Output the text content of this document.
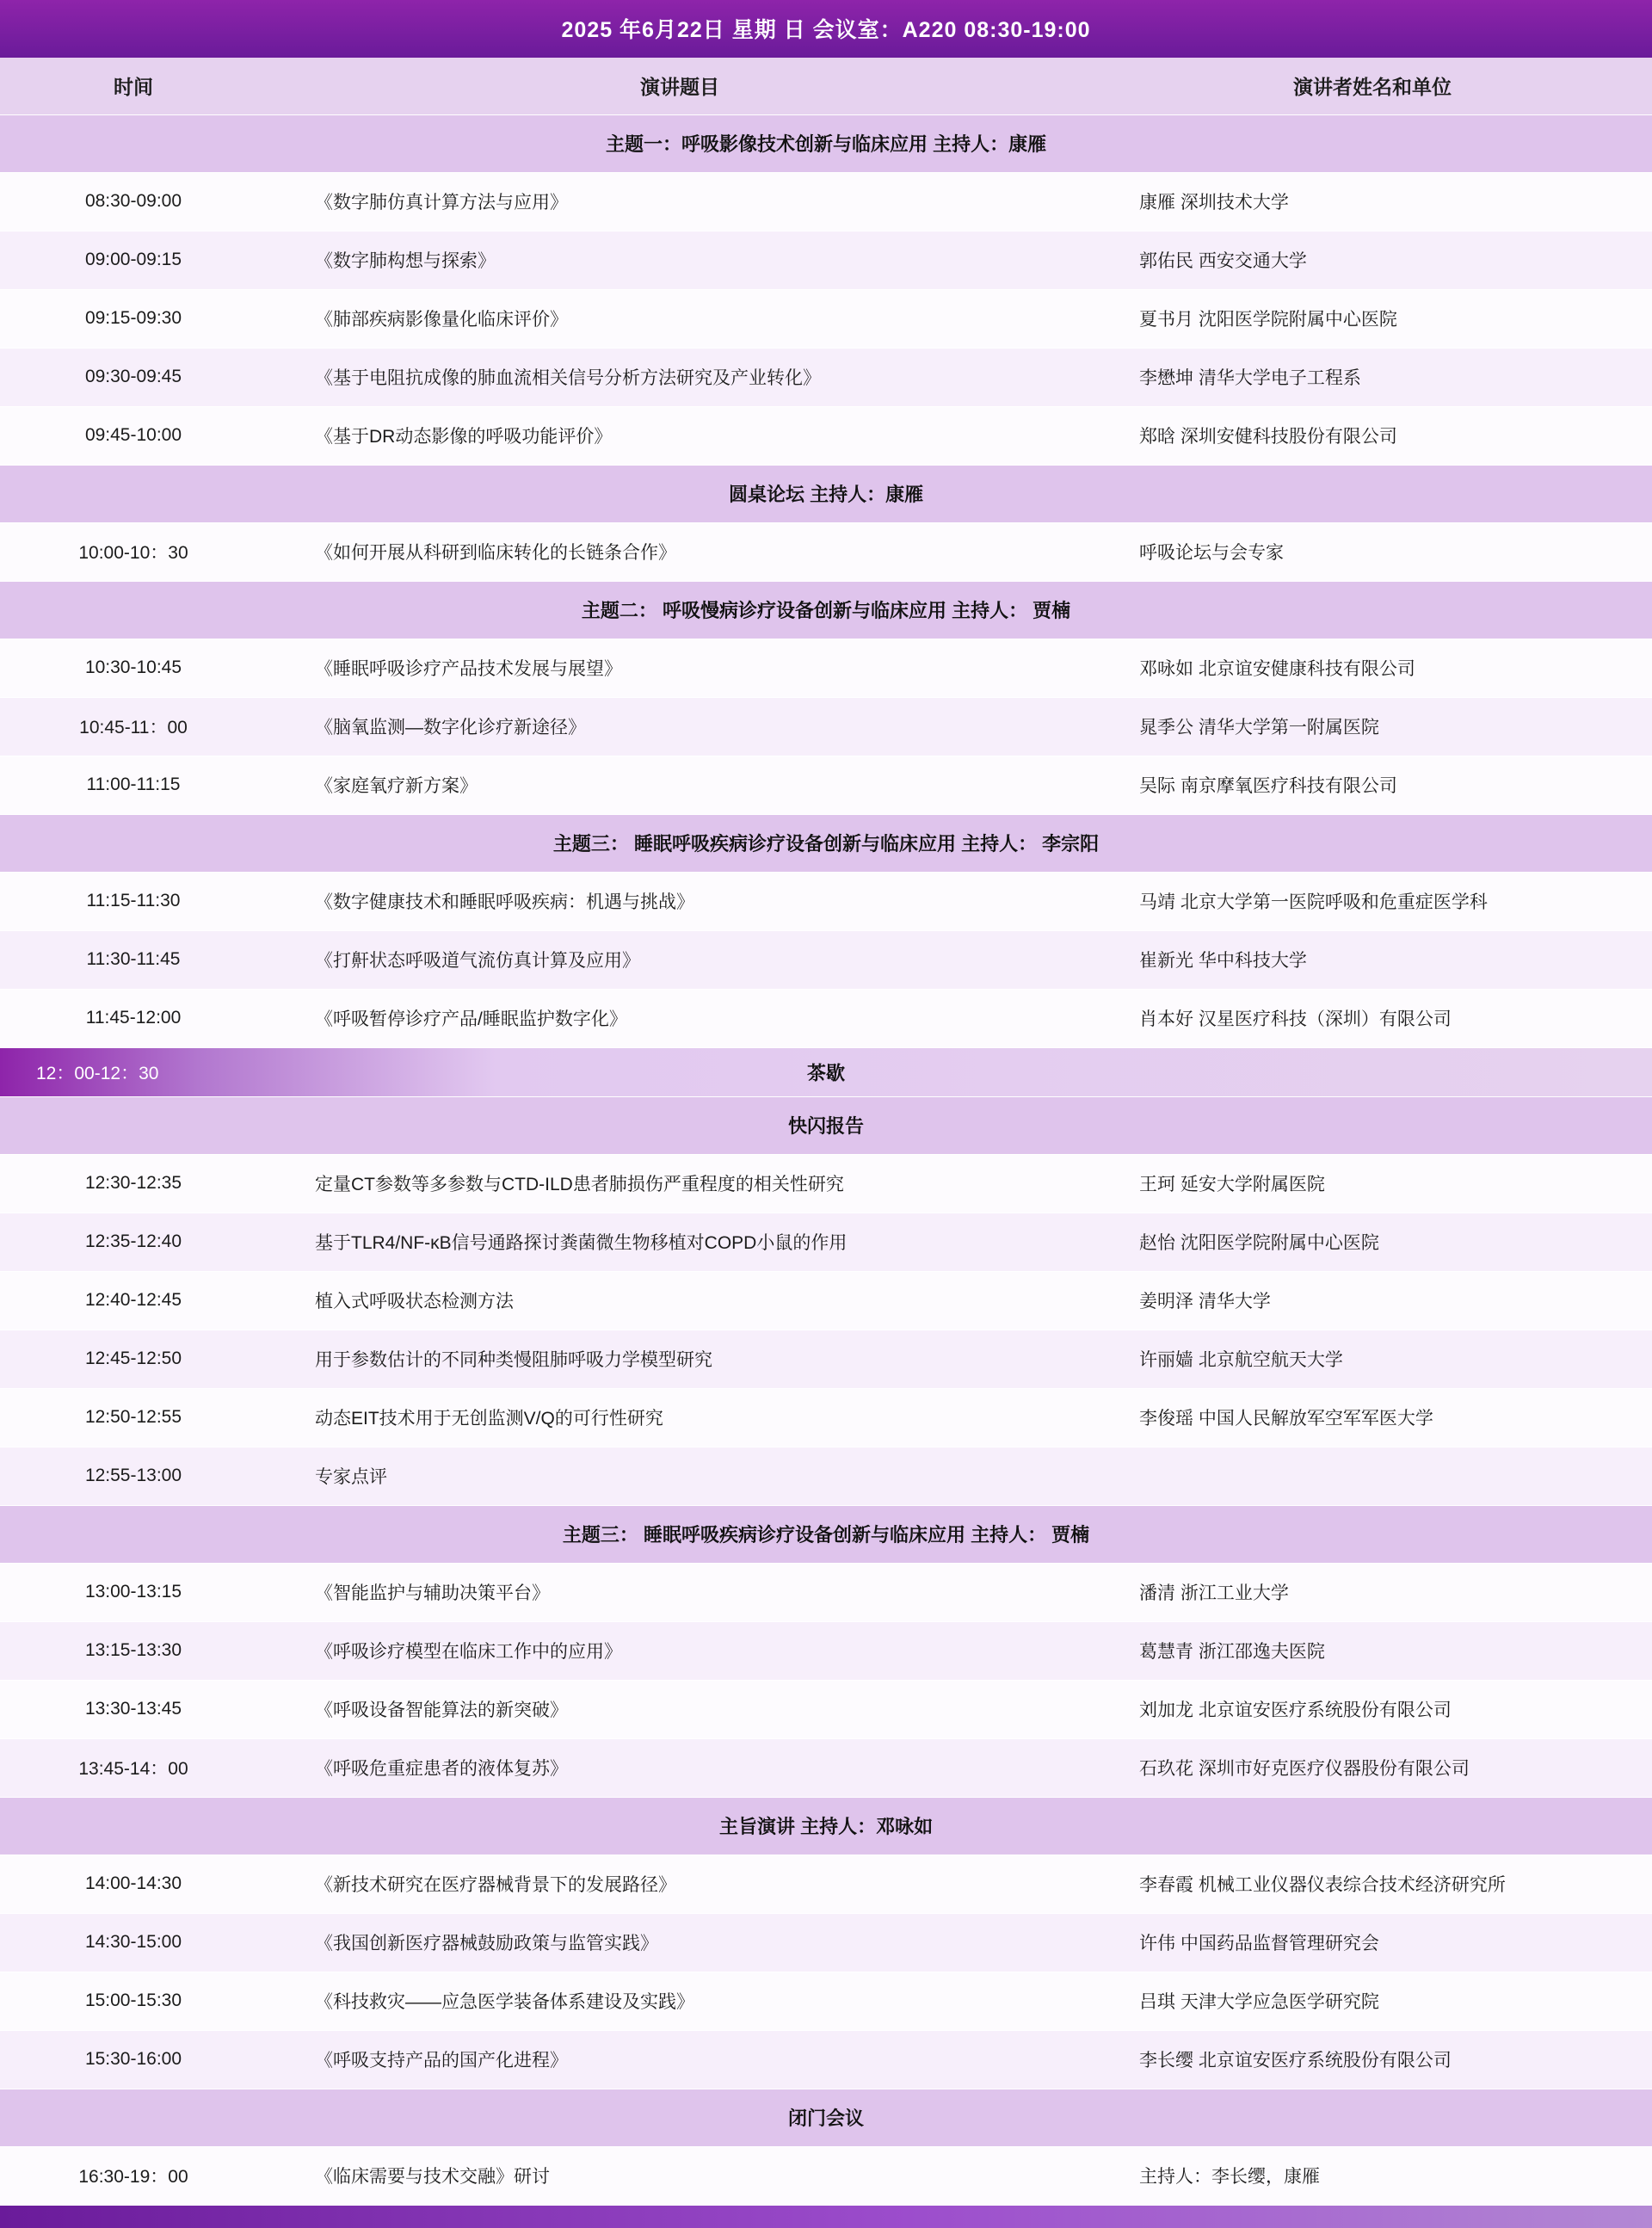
2025 年6月22日 星期 日 会议室：A220 08:30-19:00		
时间	演讲题目	演讲者姓名和单位
主题一：呼吸影像技术创新与临床应用 主持人：康雁		
08:30-09:00	《数字肺仿真计算方法与应用》	康雁 深圳技术大学
09:00-09:15	《数字肺构想与探索》	郭佑民 西安交通大学
09:15-09:30	《肺部疾病影像量化临床评价》	夏书月 沈阳医学院附属中心医院
09:30-09:45	《基于电阻抗成像的肺血流相关信号分析方法研究及产业转化》	李懋坤 清华大学电子工程系
09:45-10:00	《基于DR动态影像的呼吸功能评价》	郑晗 深圳安健科技股份有限公司
圆桌论坛 主持人：康雁		
10:00-10：30	《如何开展从科研到临床转化的长链条合作》	呼吸论坛与会专家
主题二： 呼吸慢病诊疗设备创新与临床应用 主持人： 贾楠		
10:30-10:45	《睡眠呼吸诊疗产品技术发展与展望》	邓咏如 北京谊安健康科技有限公司
10:45-11：00	《脑氧监测—数字化诊疗新途径》	晁季公 清华大学第一附属医院
11:00-11:15	《家庭氧疗新方案》	吴际 南京摩氧医疗科技有限公司
主题三： 睡眠呼吸疾病诊疗设备创新与临床应用 主持人： 李宗阳		
11:15-11:30	《数字健康技术和睡眠呼吸疾病：机遇与挑战》	马靖 北京大学第一医院呼吸和危重症医学科
11:30-11:45	《打鼾状态呼吸道气流仿真计算及应用》	崔新光 华中科技大学
11:45-12:00	《呼吸暂停诊疗产品/睡眠监护数字化》	肖本好 汉星医疗科技（深圳）有限公司

12：00-12：30 茶歇		

快闪报告		
12:30-12:35	定量CT参数等多参数与CTD-ILD患者肺损伤严重程度的相关性研究	王珂 延安大学附属医院
12:35-12:40	基于TLR4/NF-κB信号通路探讨粪菌微生物移植对COPD小鼠的作用	赵怡 沈阳医学院附属中心医院
12:40-12:45	植入式呼吸状态检测方法	姜明泽 清华大学
12:45-12:50	用于参数估计的不同种类慢阻肺呼吸力学模型研究	许丽嫱 北京航空航天大学
12:50-12:55	动态EIT技术用于无创监测V/Q的可行性研究	李俊瑶 中国人民解放军空军军医大学
12:55-13:00	专家点评	
主题三： 睡眠呼吸疾病诊疗设备创新与临床应用 主持人： 贾楠		
13:00-13:15	《智能监护与辅助决策平台》	潘清 浙江工业大学
13:15-13:30	《呼吸诊疗模型在临床工作中的应用》	葛慧青 浙江邵逸夫医院
13:30-13:45	《呼吸设备智能算法的新突破》	刘加龙 北京谊安医疗系统股份有限公司
13:45-14：00	《呼吸危重症患者的液体复苏》	石玖花 深圳市好克医疗仪器股份有限公司
主旨演讲 主持人：邓咏如		
14:00-14:30	《新技术研究在医疗器械背景下的发展路径》	李春霞 机械工业仪器仪表综合技术经济研究所
14:30-15:00	《我国创新医疗器械鼓励政策与监管实践》	许伟 中国药品监督管理研究会
15:00-15:30	《科技救灾——应急医学装备体系建设及实践》	吕琪 天津大学应急医学研究院
15:30-16:00	《呼吸支持产品的国产化进程》	李长缨 北京谊安医疗系统股份有限公司
闭门会议		
16:30-19：00	《临床需要与技术交融》研讨	主持人：李长缨，康雁
